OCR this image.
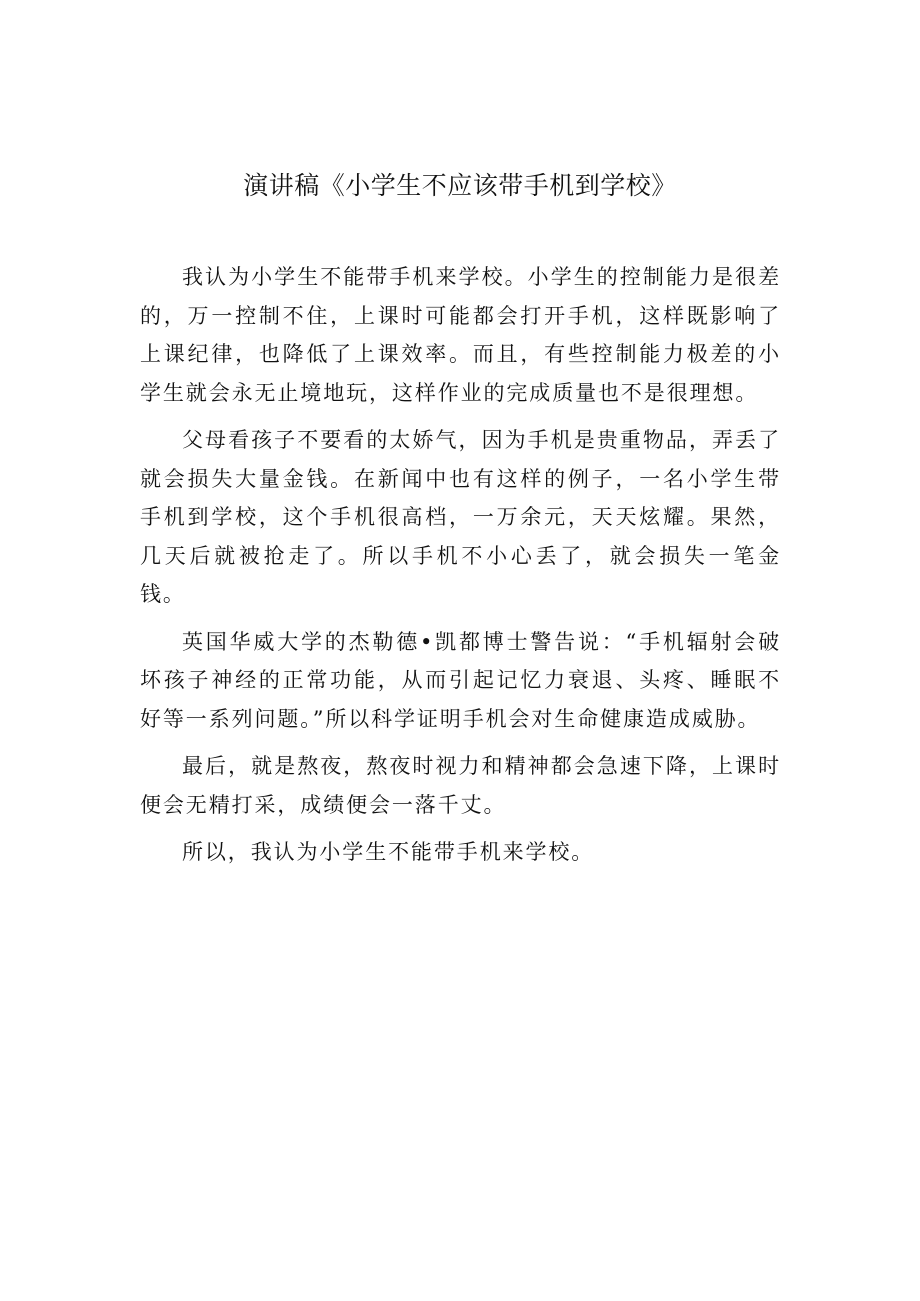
演讲稿《小学生不应该带手机到学校》

我认为小学生不能带手机来学校。小学生的控制能力是很差的，万一控制不住，上课时可能都会打开手机，这样既影响了上课纪律，也降低了上课效率。而且，有些控制能力极差的小学生就会永无止境地玩，这样作业的完成质量也不是很理想。

父母看孩子不要看的太娇气，因为手机是贵重物品，弄丢了就会损失大量金钱。在新闻中也有这样的例子，一名小学生带手机到学校，这个手机很高档，一万余元，天天炫耀。果然，几天后就被抢走了。所以手机不小心丢了，就会损失一笔金钱。

英国华威大学的杰勒德•凯都博士警告说：“手机辐射会破坏孩子神经的正常功能，从而引起记忆力衰退、头疼、睡眠不好等一系列问题。”所以科学证明手机会对生命健康造成威胁。

最后，就是熬夜，熬夜时视力和精神都会急速下降，上课时便会无精打采，成绩便会一落千丈。

所以，我认为小学生不能带手机来学校。
